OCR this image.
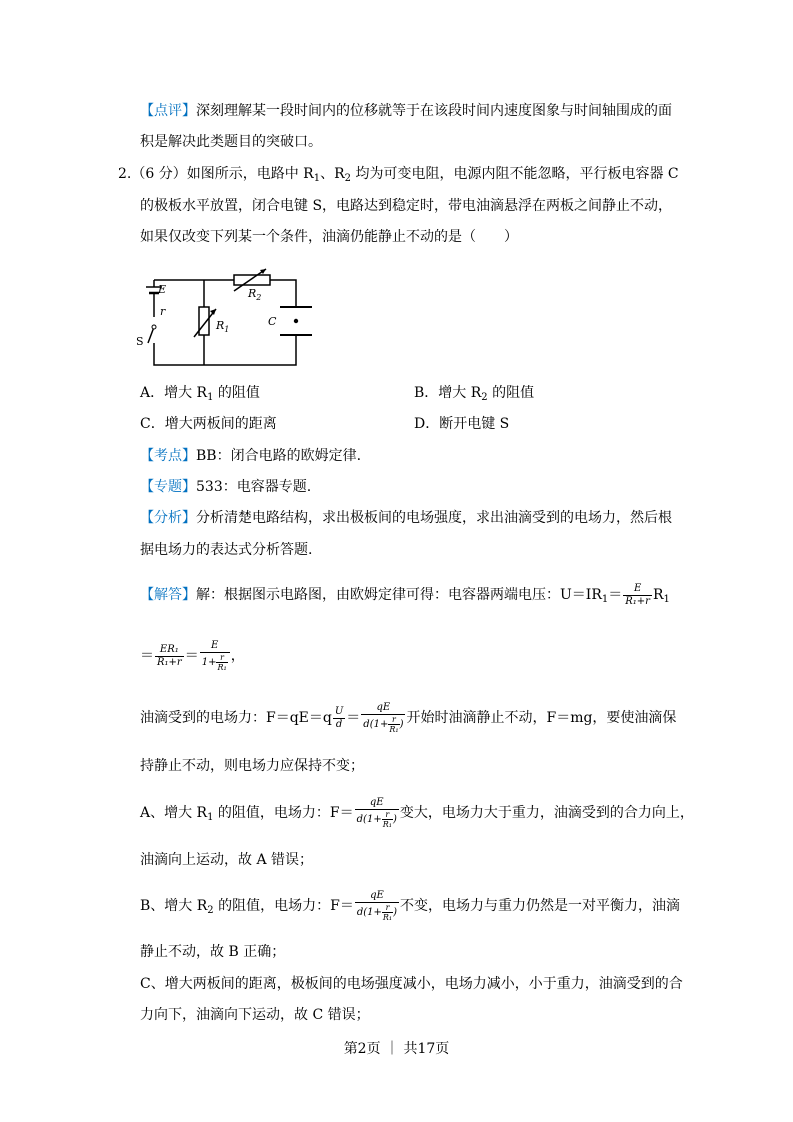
【点评】深刻理解某一段时间内的位移就等于在该段时间内速度图象与时间轴围成的面
积是解决此类题目的突破口。
2.（6 分）如图所示，电路中 $R_1$、$R_2$ 均为可变电阻，电源内阻不能忽略，平行板电容器 C
的极板水平放置，闭合电键 S，电路达到稳定时，带电油滴悬浮在两板之间静止不动，
如果仅改变下列某一个条件，油滴仍能静止不动的是（　　）
E
r
S
$R_1$
$R_2$
C
A．增大 $R_1$ 的阻值	B．增大 $R_2$ 的阻值
C．增大两板间的距离	D．断开电键 S
【考点】BB：闭合电路的欧姆定律.
【专题】533：电容器专题.
【分析】分析清楚电路结构，求出极板间的电场强度，求出油滴受到的电场力，然后根
据电场力的表达式分析答题.
【解答】解：根据图示电路图，由欧姆定律可得：电容器两端电压：$U=IR_1= \frac{E}{\text{R₁+r}} R_1$
＝ $\frac{\text{ER₁}}{\text{R₁+r}} = \frac{E}{1+ \frac{r}{\text{R₁}}}$ ，
油滴受到的电场力：$F=qE=q \frac{U}{d} = \frac{qE}{d(1+ \frac{r}{\text{R₁}} )}$ 开始时油滴静止不动，F＝mg，要使油滴保
持静止不动，则电场力应保持不变；
A、增大 $R_1$ 的阻值，电场力：$F= \frac{qE}{d(1+ \frac{r}{\text{R₁}} )}$ 变大，电场力大于重力，油滴受到的合力向上，
油滴向上运动，故 A 错误；
B、增大 $R_2$ 的阻值，电场力：$F= \frac{qE}{d(1+ \frac{r}{\text{R₁}} )}$ 不变，电场力与重力仍然是一对平衡力，油滴
静止不动，故 B 正确；
C、增大两板间的距离，极板间的电场强度减小，电场力减小，小于重力，油滴受到的合
力向下，油滴向下运动，故 C 错误；
第2页 ｜ 共17页
